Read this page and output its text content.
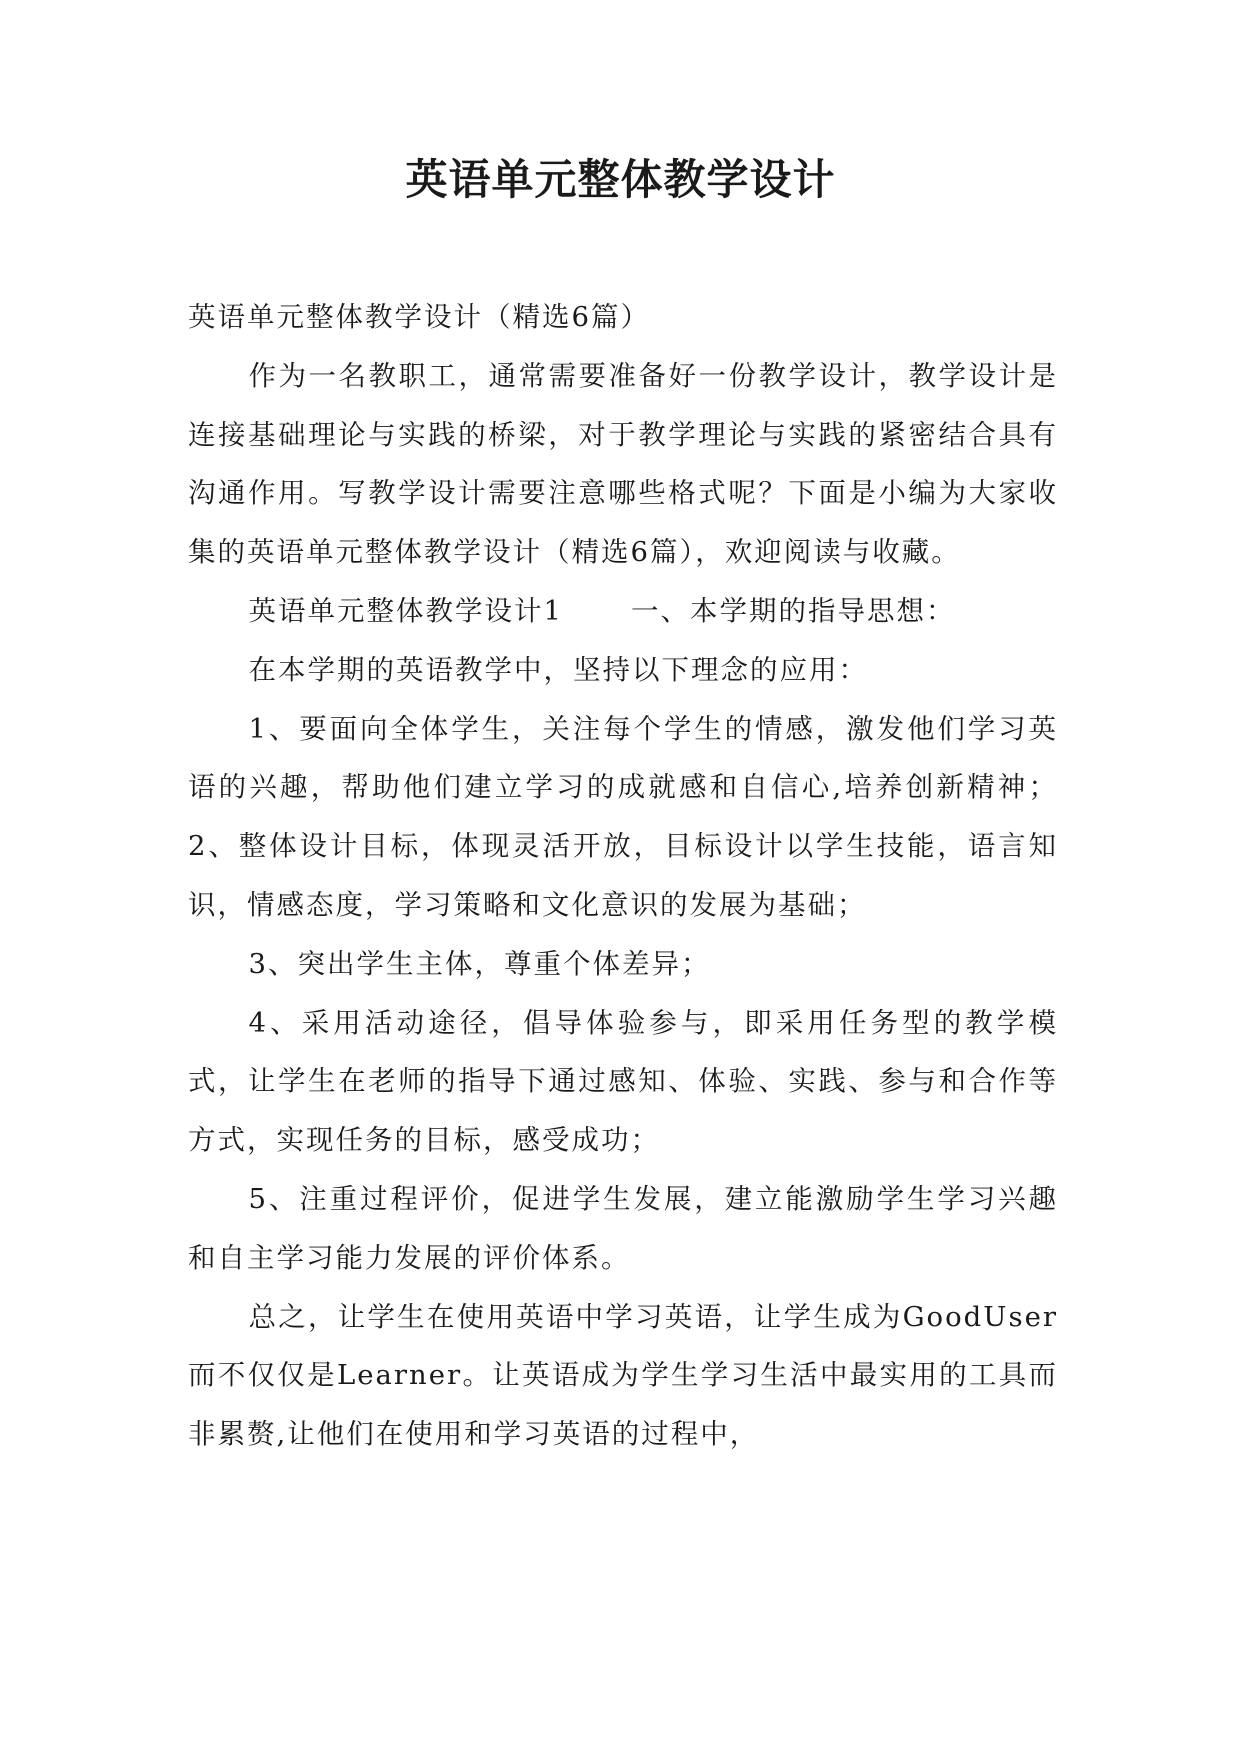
英语单元整体教学设计

英语单元整体教学设计（精选6篇）

作为一名教职工，通常需要准备好一份教学设计，教学设计是连接基础理论与实践的桥梁，对于教学理论与实践的紧密结合具有沟通作用。写教学设计需要注意哪些格式呢？下面是小编为大家收集的英语单元整体教学设计（精选6篇），欢迎阅读与收藏。

英语单元整体教学设计1 一、本学期的指导思想：

在本学期的英语教学中，坚持以下理念的应用：

1、要面向全体学生，关注每个学生的情感，激发他们学习英语的兴趣，帮助他们建立学习的成就感和自信心,培养创新精神；2、整体设计目标，体现灵活开放，目标设计以学生技能，语言知识，情感态度，学习策略和文化意识的发展为基础；

3、突出学生主体，尊重个体差异；

4、采用活动途径，倡导体验参与，即采用任务型的教学模式，让学生在老师的指导下通过感知、体验、实践、参与和合作等方式，实现任务的目标，感受成功；

5、注重过程评价，促进学生发展，建立能激励学生学习兴趣和自主学习能力发展的评价体系。

总之，让学生在使用英语中学习英语，让学生成为GoodUser而不仅仅是Learner。让英语成为学生学习生活中最实用的工具而非累赘,让他们在使用和学习英语的过程中，
